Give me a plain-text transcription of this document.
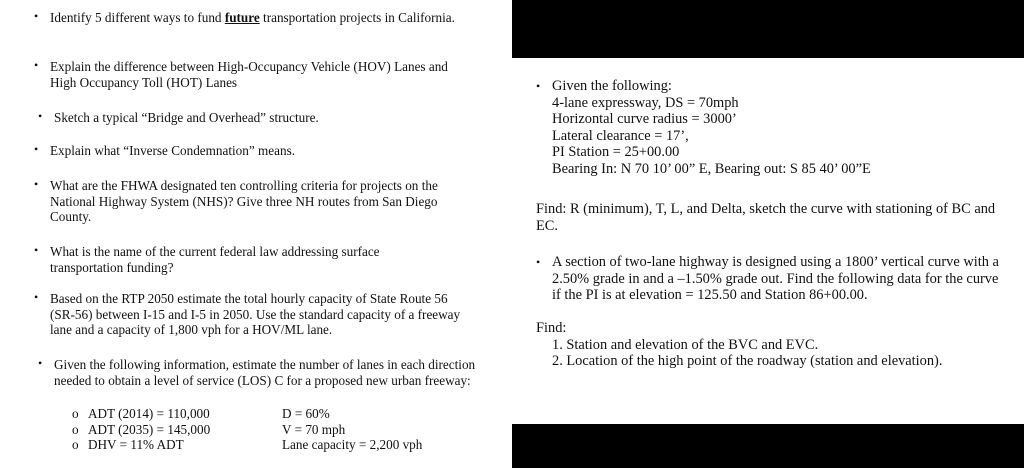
• Identify 5 different ways to fund future transportation projects in California.
• Explain the difference between High-Occupancy Vehicle (HOV) Lanes and High Occupancy Toll (HOT) Lanes
• Sketch a typical “Bridge and Overhead” structure.
• Explain what “Inverse Condemnation” means.
• What are the FHWA designated ten controlling criteria for projects on the National Highway System (NHS)? Give three NH routes from San Diego County.
• What is the name of the current federal law addressing surface transportation funding?
• Based on the RTP 2050 estimate the total hourly capacity of State Route 56 (SR-56) between I-15 and I-5 in 2050. Use the standard capacity of a freeway lane and a capacity of 1,800 vph for a HOV/ML lane.
• Given the following information, estimate the number of lanes in each direction needed to obtain a level of service (LOS) C for a proposed new urban freeway:
o ADT (2014) = 110,000
o ADT (2035) = 145,000
o DHV = 11% ADT
D = 60%
V = 70 mph
Lane capacity = 2,200 vph
• Given the following:
4-lane expressway, DS = 70mph
Horizontal curve radius = 3000’
Lateral clearance = 17’,
PI Station = 25+00.00
Bearing In: N 70 10’ 00” E, Bearing out: S 85 40’ 00”E
Find: R (minimum), T, L, and Delta, sketch the curve with stationing of BC and EC.
• A section of two-lane highway is designed using a 1800’ vertical curve with a 2.50% grade in and a –1.50% grade out. Find the following data for the curve if the PI is at elevation = 125.50 and Station 86+00.00.
Find:
1. Station and elevation of the BVC and EVC.
2. Location of the high point of the roadway (station and elevation).
